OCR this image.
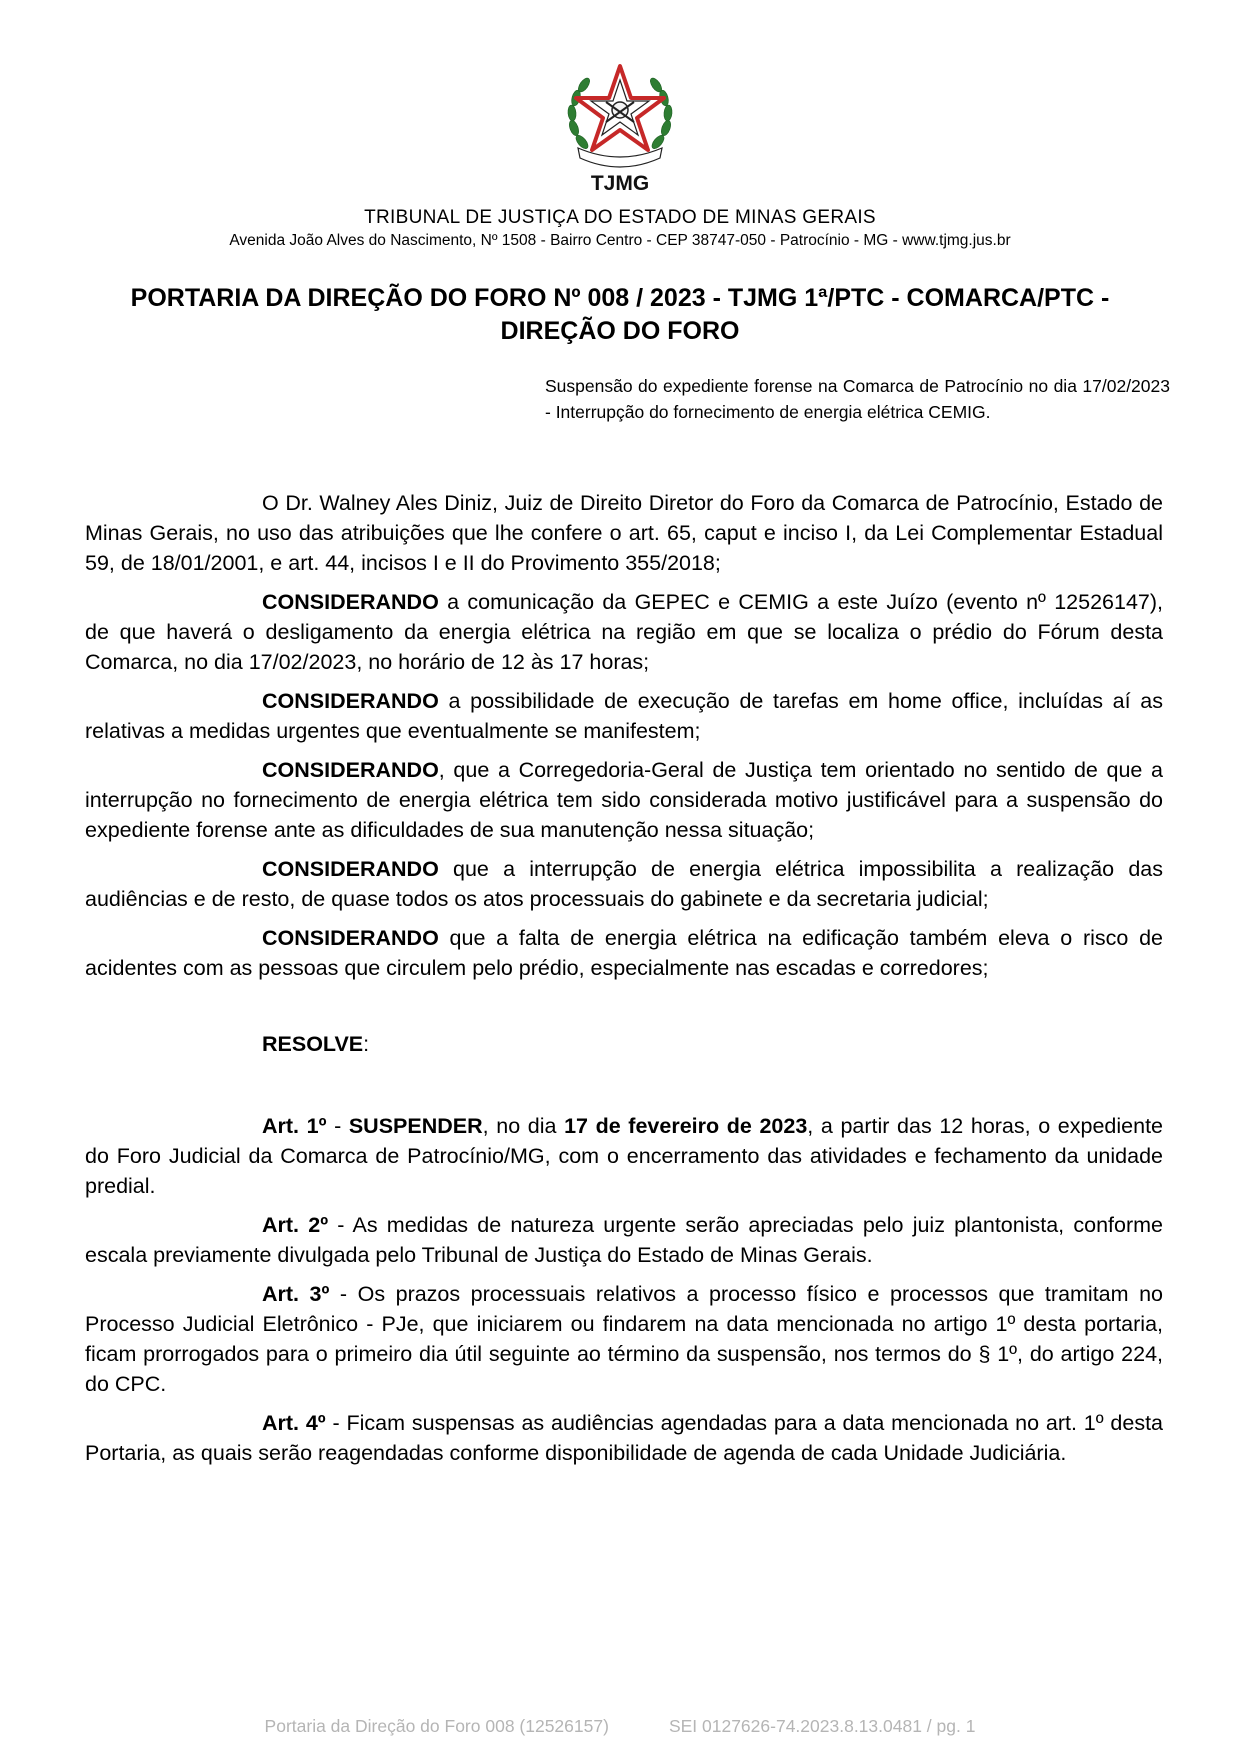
TJMG
TRIBUNAL DE JUSTIÇA DO ESTADO DE MINAS GERAIS
Avenida João Alves do Nascimento, Nº 1508 - Bairro Centro - CEP 38747-050 - Patrocínio - MG - www.tjmg.jus.br
PORTARIA DA DIREÇÃO DO FORO Nº 008 / 2023 - TJMG 1ª/PTC - COMARCA/PTC -
DIREÇÃO DO FORO
Suspensão do expediente forense na Comarca de Patrocínio no dia 17/02/2023 - Interrupção do fornecimento de energia elétrica CEMIG.

O Dr. Walney Ales Diniz, Juiz de Direito Diretor do Foro da Comarca de Patrocínio, Estado de Minas Gerais, no uso das atribuições que lhe confere o art. 65, caput e inciso I, da Lei Complementar Estadual 59, de 18/01/2001, e art. 44, incisos I e II do Provimento 355/2018;

CONSIDERANDO a comunicação da GEPEC e CEMIG a este Juízo (evento nº 12526147), de que haverá o desligamento da energia elétrica na região em que se localiza o prédio do Fórum desta Comarca, no dia 17/02/2023, no horário de 12 às 17 horas;

CONSIDERANDO a possibilidade de execução de tarefas em home office, incluídas aí as relativas a medidas urgentes que eventualmente se manifestem;

CONSIDERANDO, que a Corregedoria-Geral de Justiça tem orientado no sentido de que a interrupção no fornecimento de energia elétrica tem sido considerada motivo justificável para a suspensão do expediente forense ante as dificuldades de sua manutenção nessa situação;

CONSIDERANDO que a interrupção de energia elétrica impossibilita a realização das audiências e de resto, de quase todos os atos processuais do gabinete e da secretaria judicial;

CONSIDERANDO que a falta de energia elétrica na edificação também eleva o risco de acidentes com as pessoas que circulem pelo prédio, especialmente nas escadas e corredores;

RESOLVE:

Art. 1º - SUSPENDER, no dia 17 de fevereiro de 2023, a partir das 12 horas, o expediente do Foro Judicial da Comarca de Patrocínio/MG, com o encerramento das atividades e fechamento da unidade predial.

Art. 2º - As medidas de natureza urgente serão apreciadas pelo juiz plantonista, conforme escala previamente divulgada pelo Tribunal de Justiça do Estado de Minas Gerais.

Art. 3º - Os prazos processuais relativos a processo físico e processos que tramitam no Processo Judicial Eletrônico - PJe, que iniciarem ou findarem na data mencionada no artigo 1º desta portaria, ficam prorrogados para o primeiro dia útil seguinte ao término da suspensão, nos termos do § 1º, do artigo 224, do CPC.

Art. 4º - Ficam suspensas as audiências agendadas para a data mencionada no art. 1º desta Portaria, as quais serão reagendadas conforme disponibilidade de agenda de cada Unidade Judiciária.

Portaria da Direção do Foro 008 (12526157)	SEI 0127626-74.2023.8.13.0481 / pg. 1
